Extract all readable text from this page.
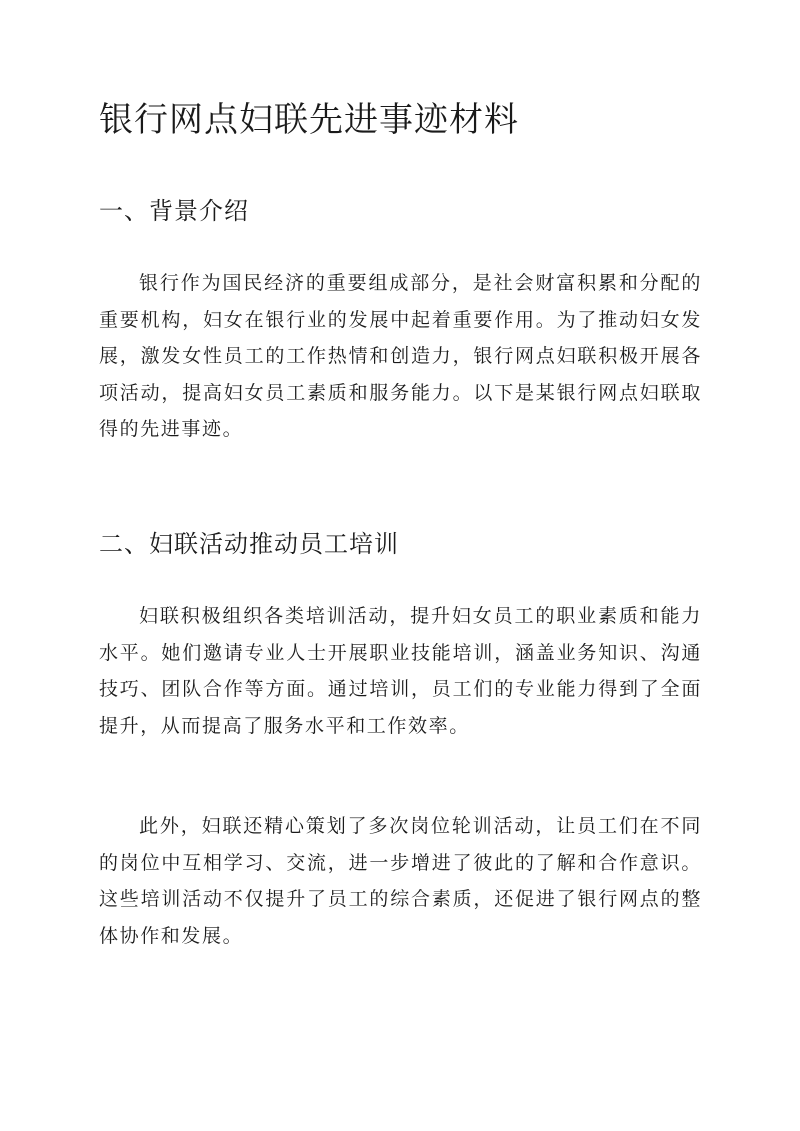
银行网点妇联先进事迹材料
一、背景介绍

银行作为国民经济的重要组成部分，是社会财富积累和分配的重要机构，妇女在银行业的发展中起着重要作用。为了推动妇女发展，激发女性员工的工作热情和创造力，银行网点妇联积极开展各项活动，提高妇女员工素质和服务能力。以下是某银行网点妇联取得的先进事迹。

二、妇联活动推动员工培训

妇联积极组织各类培训活动，提升妇女员工的职业素质和能力水平。她们邀请专业人士开展职业技能培训，涵盖业务知识、沟通技巧、团队合作等方面。通过培训，员工们的专业能力得到了全面提升，从而提高了服务水平和工作效率。

此外，妇联还精心策划了多次岗位轮训活动，让员工们在不同的岗位中互相学习、交流，进一步增进了彼此的了解和合作意识。这些培训活动不仅提升了员工的综合素质，还促进了银行网点的整体协作和发展。
